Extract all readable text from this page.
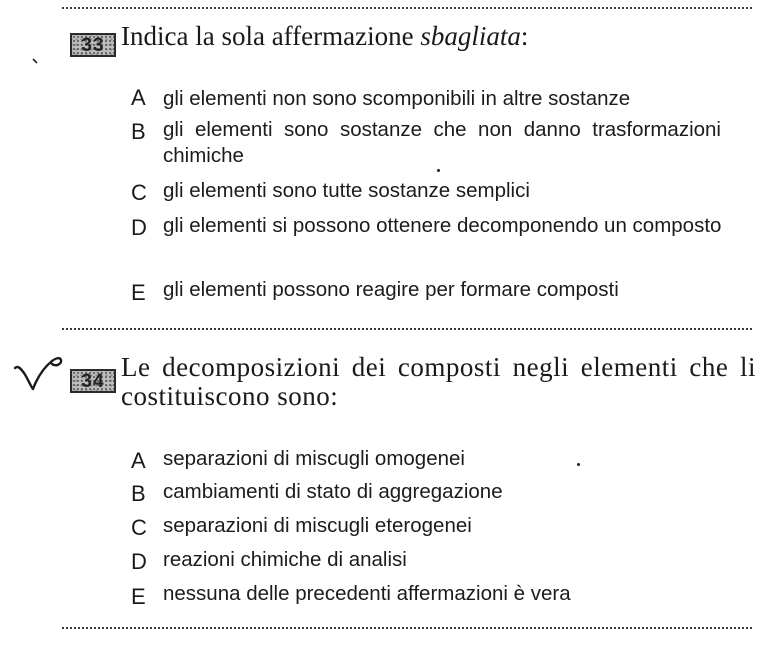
33 Indica la sola affermazione sbagliata:
A gli elementi non sono scomponibili in altre sostanze
B gli elementi sono sostanze che non danno trasformazioni chimiche
C gli elementi sono tutte sostanze semplici
D gli elementi si possono ottenere decomponendo un composto
E gli elementi possono reagire per formare composti
34 Le decomposizioni dei composti negli elementi che li costituiscono sono:
A separazioni di miscugli omogenei
B cambiamenti di stato di aggregazione
C separazioni di miscugli eterogenei
D reazioni chimiche di analisi
E nessuna delle precedenti affermazioni è vera
